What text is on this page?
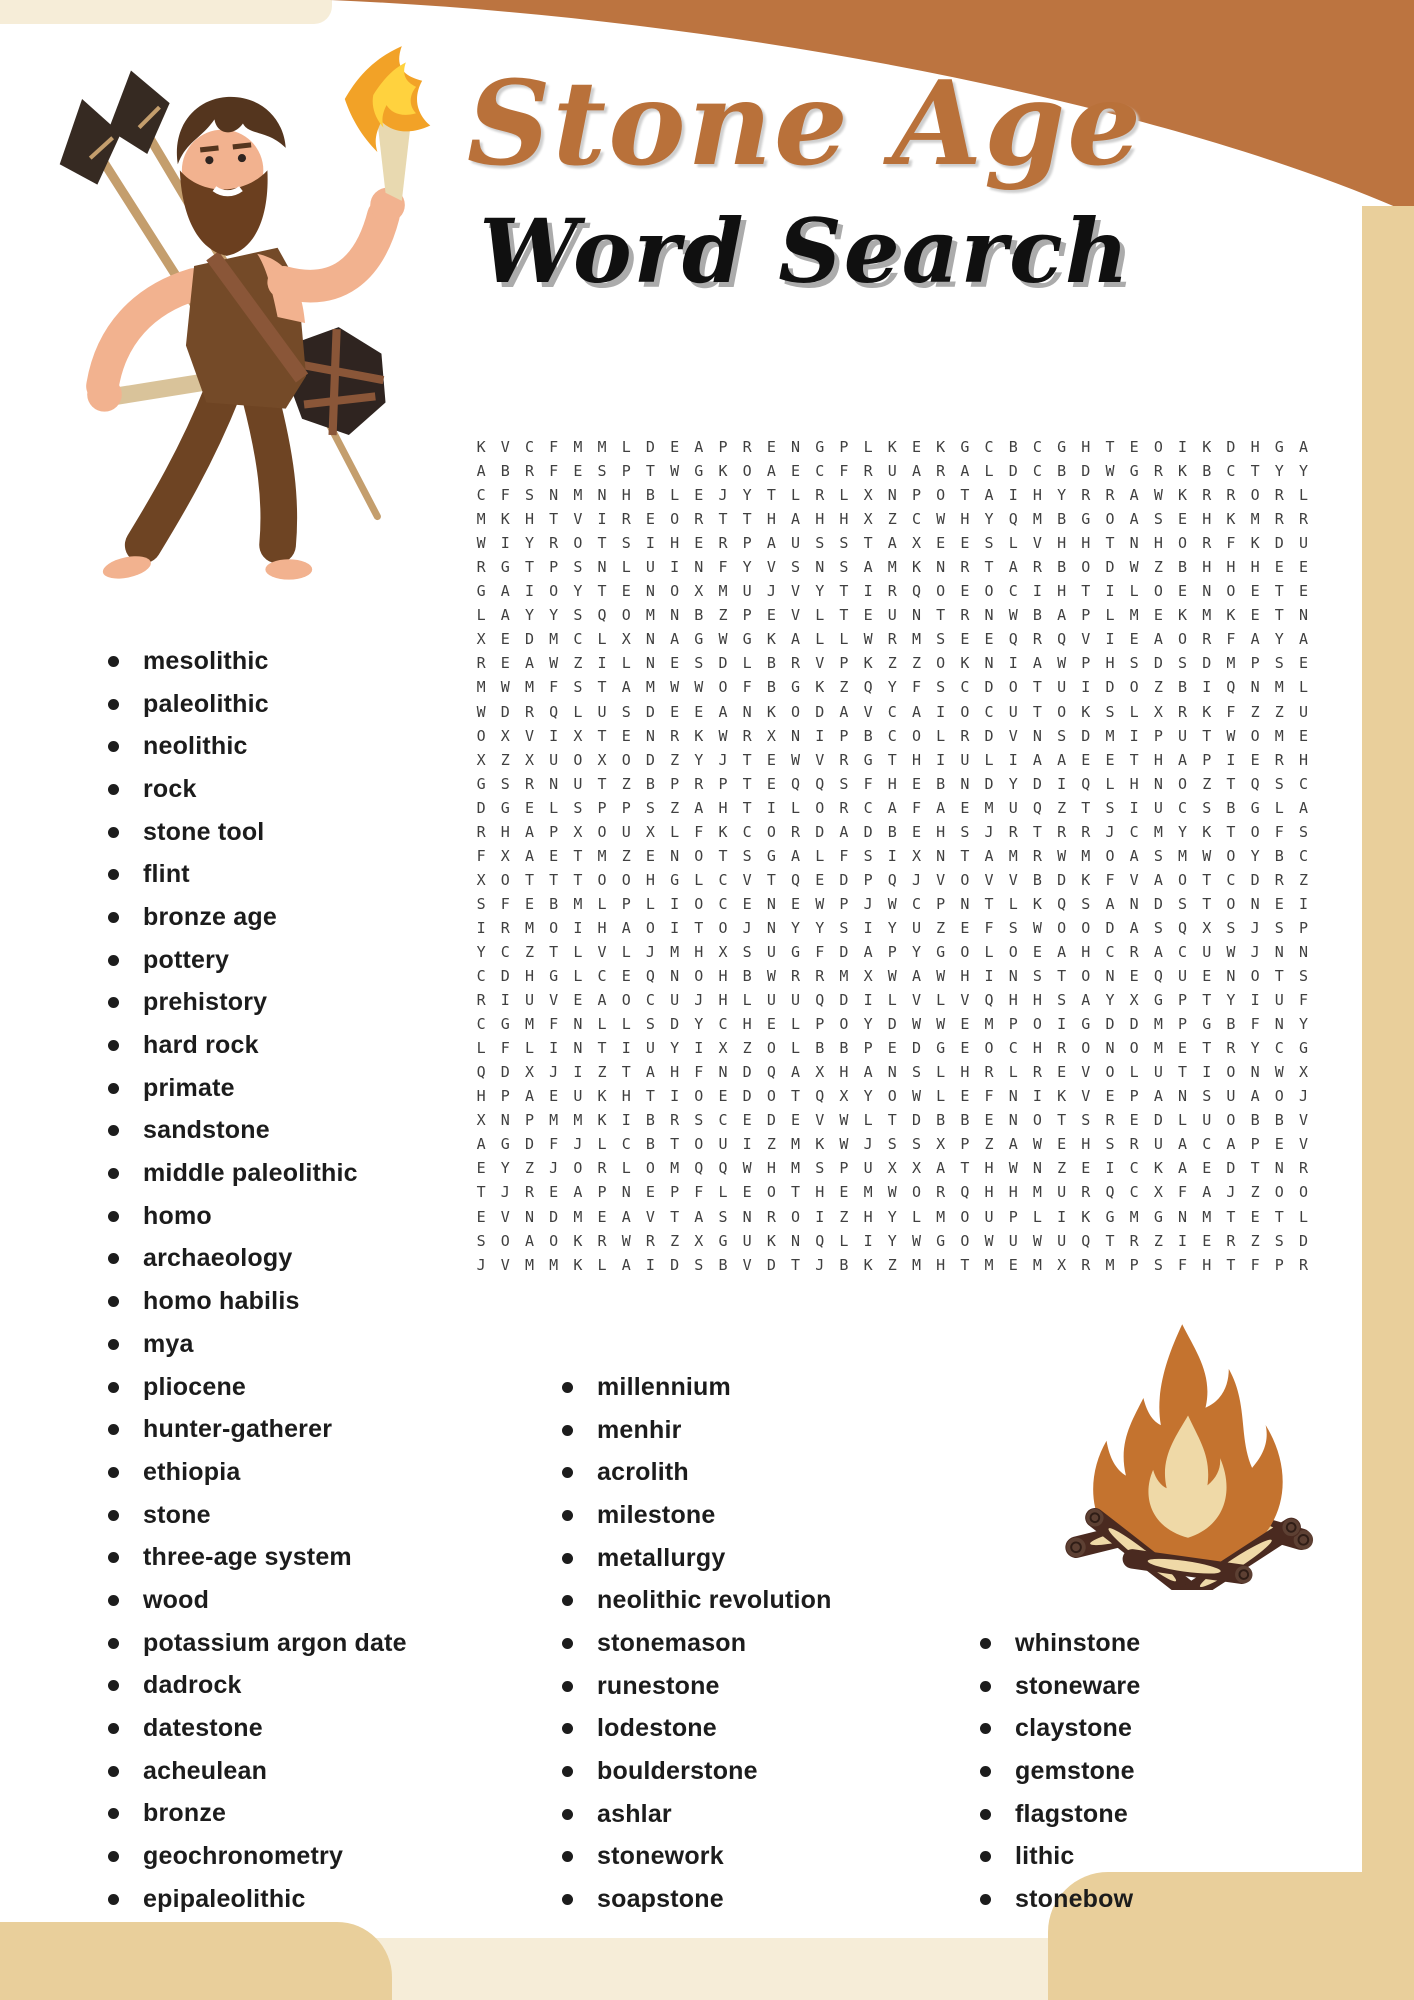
Stone Age
Word Search
K	V	C	F	M	M	L	D	E	A	P	R	E	N	G	P	L	K	E	K	G	C	B	C	G	H	T	E	O	I	K	D	H	G	A
A	B	R	F	E	S	P	T	W	G	K	O	A	E	C	F	R	U	A	R	A	L	D	C	B	D	W	G	R	K	B	C	T	Y	Y
C	F	S	N	M	N	H	B	L	E	J	Y	T	L	R	L	X	N	P	O	T	A	I	H	Y	R	R	A	W	K	R	R	O	R	L
M	K	H	T	V	I	R	E	O	R	T	T	H	A	H	H	X	Z	C	W	H	Y	Q	M	B	G	O	A	S	E	H	K	M	R	R
W	I	Y	R	O	T	S	I	H	E	R	P	A	U	S	S	T	A	X	E	E	S	L	V	H	H	T	N	H	O	R	F	K	D	U
R	G	T	P	S	N	L	U	I	N	F	Y	V	S	N	S	A	M	K	N	R	T	A	R	B	O	D	W	Z	B	H	H	H	E	E
G	A	I	O	Y	T	E	N	O	X	M	U	J	V	Y	T	I	R	Q	O	E	O	C	I	H	T	I	L	O	E	N	O	E	T	E
L	A	Y	Y	S	Q	O	M	N	B	Z	P	E	V	L	T	E	U	N	T	R	N	W	B	A	P	L	M	E	K	M	K	E	T	N
X	E	D	M	C	L	X	N	A	G	W	G	K	A	L	L	W	R	M	S	E	E	Q	R	Q	V	I	E	A	O	R	F	A	Y	A
R	E	A	W	Z	I	L	N	E	S	D	L	B	R	V	P	K	Z	Z	O	K	N	I	A	W	P	H	S	D	S	D	M	P	S	E
M	W	M	F	S	T	A	M	W	W	O	F	B	G	K	Z	Q	Y	F	S	C	D	O	T	U	I	D	O	Z	B	I	Q	N	M	L
W	D	R	Q	L	U	S	D	E	E	A	N	K	O	D	A	V	C	A	I	O	C	U	T	O	K	S	L	X	R	K	F	Z	Z	U
O	X	V	I	X	T	E	N	R	K	W	R	X	N	I	P	B	C	O	L	R	D	V	N	S	D	M	I	P	U	T	W	O	M	E
X	Z	X	U	O	X	O	D	Z	Y	J	T	E	W	V	R	G	T	H	I	U	L	I	A	A	E	E	T	H	A	P	I	E	R	H
G	S	R	N	U	T	Z	B	P	R	P	T	E	Q	Q	S	F	H	E	B	N	D	Y	D	I	Q	L	H	N	O	Z	T	Q	S	C
D	G	E	L	S	P	P	S	Z	A	H	T	I	L	O	R	C	A	F	A	E	M	U	Q	Z	T	S	I	U	C	S	B	G	L	A
R	H	A	P	X	O	U	X	L	F	K	C	O	R	D	A	D	B	E	H	S	J	R	T	R	R	J	C	M	Y	K	T	O	F	S
F	X	A	E	T	M	Z	E	N	O	T	S	G	A	L	F	S	I	X	N	T	A	M	R	W	M	O	A	S	M	W	O	Y	B	C
X	O	T	T	T	O	O	H	G	L	C	V	T	Q	E	D	P	Q	J	V	O	V	V	B	D	K	F	V	A	O	T	C	D	R	Z
S	F	E	B	M	L	P	L	I	O	C	E	N	E	W	P	J	W	C	P	N	T	L	K	Q	S	A	N	D	S	T	O	N	E	I
I	R	M	O	I	H	A	O	I	T	O	J	N	Y	Y	S	I	Y	U	Z	E	F	S	W	O	O	D	A	S	Q	X	S	J	S	P
Y	C	Z	T	L	V	L	J	M	H	X	S	U	G	F	D	A	P	Y	G	O	L	O	E	A	H	C	R	A	C	U	W	J	N	N
C	D	H	G	L	C	E	Q	N	O	H	B	W	R	R	M	X	W	A	W	H	I	N	S	T	O	N	E	Q	U	E	N	O	T	S
R	I	U	V	E	A	O	C	U	J	H	L	U	U	Q	D	I	L	V	L	V	Q	H	H	S	A	Y	X	G	P	T	Y	I	U	F
C	G	M	F	N	L	L	S	D	Y	C	H	E	L	P	O	Y	D	W	W	E	M	P	O	I	G	D	D	M	P	G	B	F	N	Y
L	F	L	I	N	T	I	U	Y	I	X	Z	O	L	B	B	P	E	D	G	E	O	C	H	R	O	N	O	M	E	T	R	Y	C	G
Q	D	X	J	I	Z	T	A	H	F	N	D	Q	A	X	H	A	N	S	L	H	R	L	R	E	V	O	L	U	T	I	O	N	W	X
H	P	A	E	U	K	H	T	I	O	E	D	O	T	Q	X	Y	O	W	L	E	F	N	I	K	V	E	P	A	N	S	U	A	O	J
X	N	P	M	M	K	I	B	R	S	C	E	D	E	V	W	L	T	D	B	B	E	N	O	T	S	R	E	D	L	U	O	B	B	V
A	G	D	F	J	L	C	B	T	O	U	I	Z	M	K	W	J	S	S	X	P	Z	A	W	E	H	S	R	U	A	C	A	P	E	V
E	Y	Z	J	O	R	L	O	M	Q	Q	W	H	M	S	P	U	X	X	A	T	H	W	N	Z	E	I	C	K	A	E	D	T	N	R
T	J	R	E	A	P	N	E	P	F	L	E	O	T	H	E	M	W	O	R	Q	H	H	M	U	R	Q	C	X	F	A	J	Z	O	O
E	V	N	D	M	E	A	V	T	A	S	N	R	O	I	Z	H	Y	L	M	O	U	P	L	I	K	G	M	G	N	M	T	E	T	L
S	O	A	O	K	R	W	R	Z	X	G	U	K	N	Q	L	I	Y	W	G	O	W	U	W	U	Q	T	R	Z	I	E	R	Z	S	D
J	V	M	M	K	L	A	I	D	S	B	V	D	T	J	B	K	Z	M	H	T	M	E	M	X	R	M	P	S	F	H	T	F	P	R
mesolithic
paleolithic
neolithic
rock
stone tool
flint
bronze age
pottery
prehistory
hard rock
primate
sandstone
middle paleolithic
homo
archaeology
homo habilis
mya
pliocene
hunter-gatherer
ethiopia
stone
three-age system
wood
potassium argon date
dadrock
datestone
acheulean
bronze
geochronometry
epipaleolithic
millennium
menhir
acrolith
milestone
metallurgy
neolithic revolution
stonemason
runestone
lodestone
boulderstone
ashlar
stonework
soapstone
whinstone
stoneware
claystone
gemstone
flagstone
lithic
stonebow
